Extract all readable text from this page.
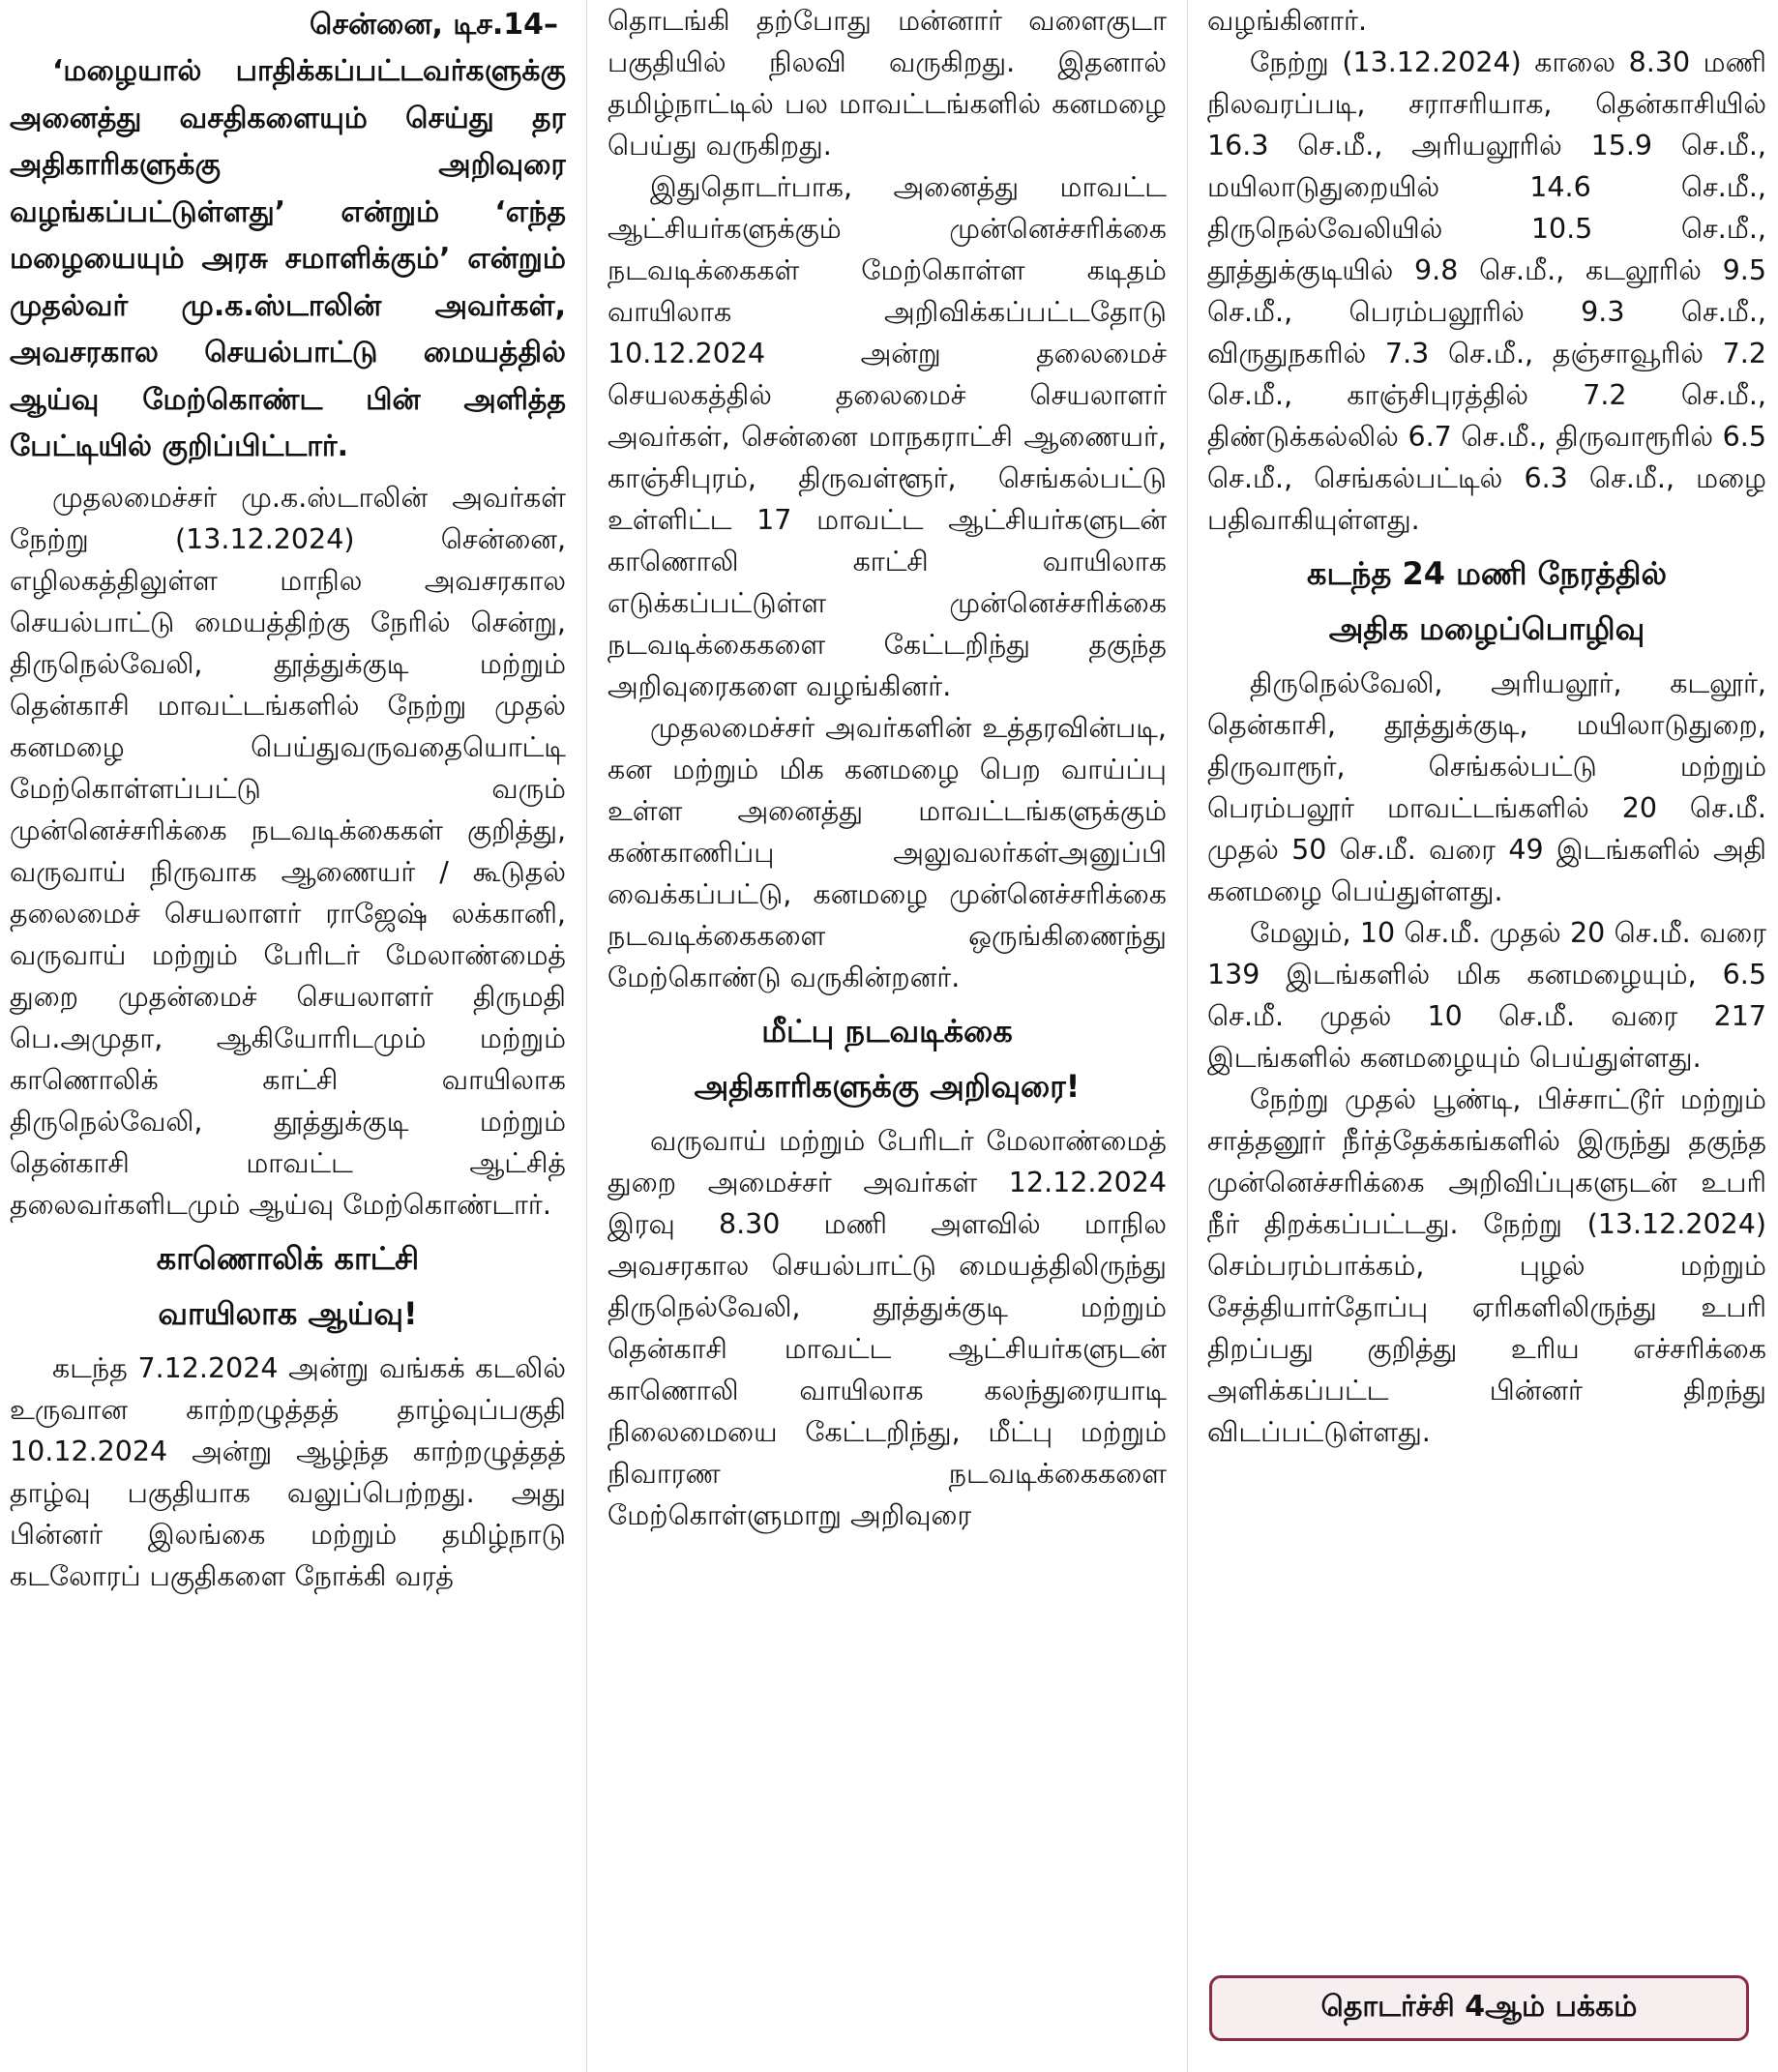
சென்னை, டிச.14–

‘மழையால் பாதிக்கப்பட்டவர்களுக்கு அனைத்து வசதிகளையும் செய்து தர அதிகாரிகளுக்கு அறிவுரை வழங்கப்பட்டுள்ளது’ என்றும் ‘எந்த மழையையும் அரசு சமாளிக்கும்’ என்றும் முதல்வர் மு.க.ஸ்டாலின் அவர்கள், அவசரகால செயல்பாட்டு மையத்தில் ஆய்வு மேற்கொண்ட பின் அளித்த பேட்டியில் குறிப்பிட்டார்.

முதலமைச்சர் மு.க.ஸ்டாலின் அவர்கள் நேற்று (13.12.2024) சென்னை, எழிலகத்திலுள்ள மாநில அவசரகால செயல்பாட்டு மையத்திற்கு நேரில் சென்று, திருநெல்வேலி, தூத்துக்குடி மற்றும் தென்காசி மாவட்டங்களில் நேற்று முதல் கனமழை பெய்துவருவதையொட்டி மேற்கொள்ளப்பட்டு வரும் முன்னெச்சரிக்கை நடவடிக்கைகள் குறித்து, வருவாய் நிருவாக ஆணையர் / கூடுதல் தலைமைச் செயலாளர் ராஜேஷ் லக்கானி, வருவாய் மற்றும் பேரிடர் மேலாண்மைத் துறை முதன்மைச் செயலாளர் திருமதி பெ.அமுதா, ஆகியோரிடமும் மற்றும் காணொலிக் காட்சி வாயிலாக திருநெல்வேலி, தூத்துக்குடி மற்றும் தென்காசி மாவட்ட ஆட்சித் தலைவர்களிடமும் ஆய்வு மேற்கொண்டார்.

காணொலிக் காட்சி
வாயிலாக ஆய்வு!

கடந்த 7.12.2024 அன்று வங்கக் கடலில் உருவான காற்றழுத்தத் தாழ்வுப்பகுதி 10.12.2024 அன்று ஆழ்ந்த காற்றழுத்தத் தாழ்வு பகுதியாக வலுப்பெற்றது. அது பின்னர் இலங்கை மற்றும் தமிழ்நாடு கடலோரப் பகுதிகளை நோக்கி வரத்

தொடங்கி தற்போது மன்னார் வளைகுடா பகுதியில் நிலவி வருகிறது. இதனால் தமிழ்நாட்டில் பல மாவட்டங்களில் கனமழை பெய்து வருகிறது.

இதுதொடர்பாக, அனைத்து மாவட்ட ஆட்சியர்களுக்கும் முன்னெச்சரிக்கை நடவடிக்கைகள் மேற்கொள்ள கடிதம் வாயிலாக அறிவிக்கப்பட்டதோடு 10.12.2024 அன்று தலைமைச் செயலகத்தில் தலைமைச் செயலாளர் அவர்கள், சென்னை மாநகராட்சி ஆணையர், காஞ்சிபுரம், திருவள்ளூர், செங்கல்பட்டு உள்ளிட்ட 17 மாவட்ட ஆட்சியர்களுடன் காணொலி காட்சி வாயிலாக எடுக்கப்பட்டுள்ள முன்னெச்சரிக்கை நடவடிக்கைகளை கேட்டறிந்து தகுந்த அறிவுரைகளை வழங்கினர்.

முதலமைச்சர் அவர்களின் உத்தரவின்படி, கன மற்றும் மிக கனமழை பெற வாய்ப்பு உள்ள அனைத்து மாவட்டங்களுக்கும் கண்காணிப்பு அலுவலர்கள்அனுப்பி வைக்கப்பட்டு, கனமழை முன்னெச்சரிக்கை நடவடிக்கைகளை ஒருங்கிணைந்து மேற்கொண்டு வருகின்றனர்.

மீட்பு நடவடிக்கை
அதிகாரிகளுக்கு அறிவுரை!

வருவாய் மற்றும் பேரிடர் மேலாண்மைத் துறை அமைச்சர் அவர்கள் 12.12.2024 இரவு 8.30 மணி அளவில் மாநில அவசரகால செயல்பாட்டு மையத்திலிருந்து திருநெல்வேலி, தூத்துக்குடி மற்றும் தென்காசி மாவட்ட ஆட்சியர்களுடன் காணொலி வாயிலாக கலந்துரையாடி நிலைமையை கேட்டறிந்து, மீட்பு மற்றும் நிவாரண நடவடிக்கைகளை மேற்கொள்ளுமாறு அறிவுரை

வழங்கினார்.

நேற்று (13.12.2024) காலை 8.30 மணி நிலவரப்படி, சராசரியாக, தென்காசியில் 16.3 செ.மீ., அரியலூரில் 15.9 செ.மீ., மயிலாடுதுறையில் 14.6 செ.மீ., திருநெல்வேலியில் 10.5 செ.மீ., தூத்துக்குடியில் 9.8 செ.மீ., கடலூரில் 9.5 செ.மீ., பெரம்பலூரில் 9.3 செ.மீ., விருதுநகரில் 7.3 செ.மீ., தஞ்சாவூரில் 7.2 செ.மீ., காஞ்சிபுரத்தில் 7.2 செ.மீ., திண்டுக்கல்லில் 6.7 செ.மீ., திருவாரூரில் 6.5 செ.மீ., செங்கல்பட்டில் 6.3 செ.மீ., மழை பதிவாகியுள்ளது.

கடந்த 24 மணி நேரத்தில்
அதிக மழைப்பொழிவு

திருநெல்வேலி, அரியலூர், கடலூர், தென்காசி, தூத்துக்குடி, மயிலாடுதுறை, திருவாரூர், செங்கல்பட்டு மற்றும் பெரம்பலூர் மாவட்டங்களில் 20 செ.மீ. முதல் 50 செ.மீ. வரை 49 இடங்களில் அதி கனமழை பெய்துள்ளது.

மேலும், 10 செ.மீ. முதல் 20 செ.மீ. வரை 139 இடங்களில் மிக கனமழையும், 6.5 செ.மீ. முதல் 10 செ.மீ. வரை 217 இடங்களில் கனமழையும் பெய்துள்ளது.

நேற்று முதல் பூண்டி, பிச்சாட்டூர் மற்றும் சாத்தனூர் நீர்த்தேக்கங்களில் இருந்து தகுந்த முன்னெச்சரிக்கை அறிவிப்புகளுடன் உபரி நீர் திறக்கப்பட்டது. நேற்று (13.12.2024) செம்பரம்பாக்கம், புழல் மற்றும் சேத்தியார்தோப்பு ஏரிகளிலிருந்து உபரி திறப்பது குறித்து உரிய எச்சரிக்கை அளிக்கப்பட்ட பின்னர் திறந்து விடப்பட்டுள்ளது.

தொடர்ச்சி 4ஆம் பக்கம்
